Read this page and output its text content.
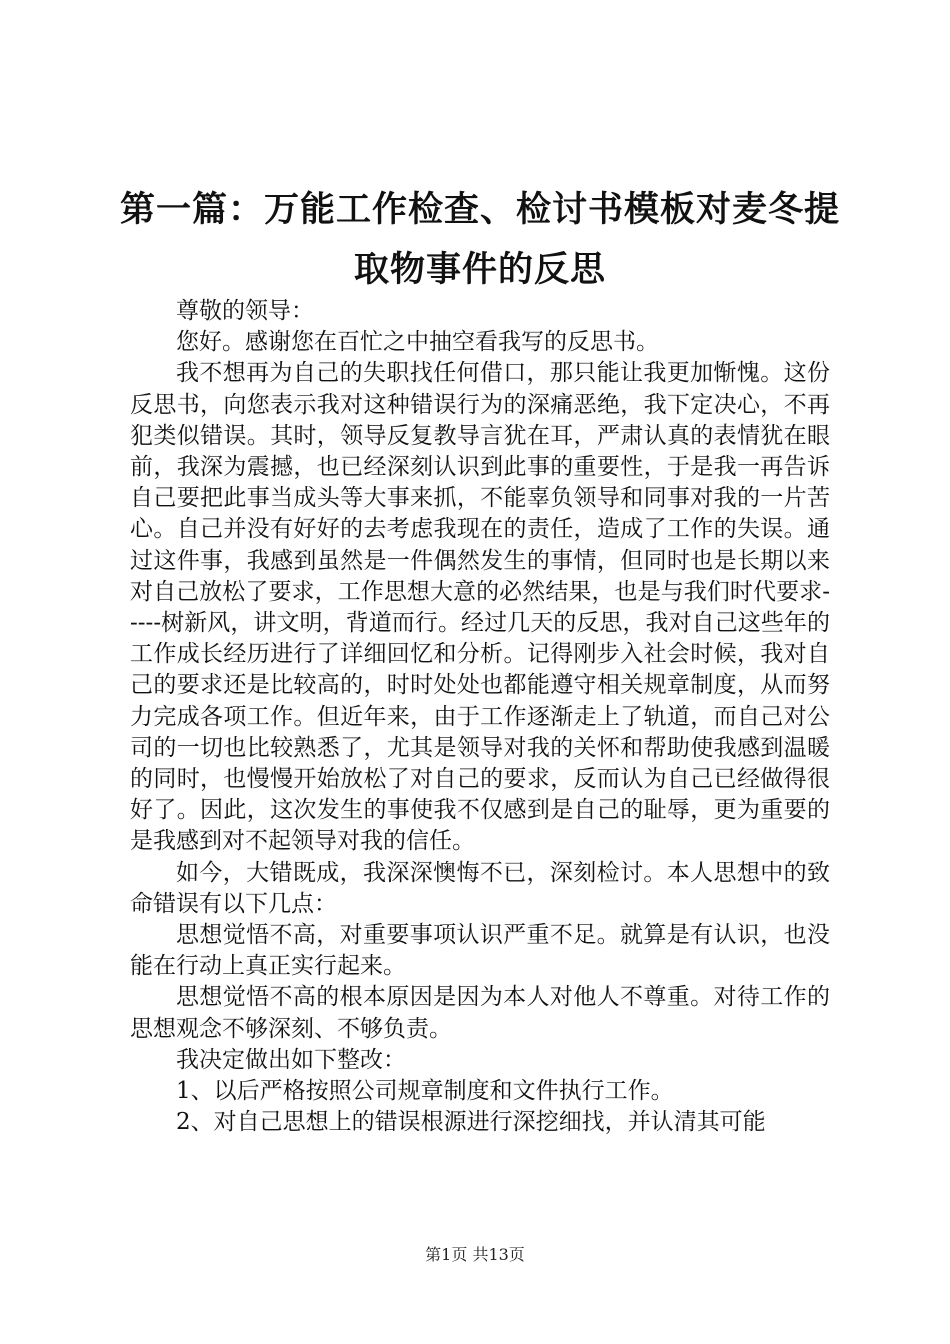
第一篇：万能工作检查、检讨书模板对麦冬提
取物事件的反思

尊敬的领导：

您好。感谢您在百忙之中抽空看我写的反思书。

我不想再为自己的失职找任何借口，那只能让我更加惭愧。这份反思书，向您表示我对这种错误行为的深痛恶绝，我下定决心，不再犯类似错误。其时，领导反复教导言犹在耳，严肃认真的表情犹在眼前，我深为震撼，也已经深刻认识到此事的重要性，于是我一再告诉自己要把此事当成头等大事来抓，不能辜负领导和同事对我的一片苦心。自己并没有好好的去考虑我现在的责任，造成了工作的失误。通过这件事，我感到虽然是一件偶然发生的事情，但同时也是长期以来对自己放松了要求，工作思想大意的必然结果，也是与我们时代要求-----树新风，讲文明，背道而行。经过几天的反思，我对自己这些年的工作成长经历进行了详细回忆和分析。记得刚步入社会时候，我对自己的要求还是比较高的，时时处处也都能遵守相关规章制度，从而努力完成各项工作。但近年来，由于工作逐渐走上了轨道，而自己对公司的一切也比较熟悉了，尤其是领导对我的关怀和帮助使我感到温暖的同时，也慢慢开始放松了对自己的要求，反而认为自己已经做得很好了。因此，这次发生的事使我不仅感到是自己的耻辱，更为重要的是我感到对不起领导对我的信任。

如今，大错既成，我深深懊悔不已，深刻检讨。本人思想中的致命错误有以下几点：

思想觉悟不高，对重要事项认识严重不足。就算是有认识，也没能在行动上真正实行起来。

思想觉悟不高的根本原因是因为本人对他人不尊重。对待工作的思想观念不够深刻、不够负责。

我决定做出如下整改：

1、以后严格按照公司规章制度和文件执行工作。

2、对自己思想上的错误根源进行深挖细找，并认清其可能

第1页 共13页
